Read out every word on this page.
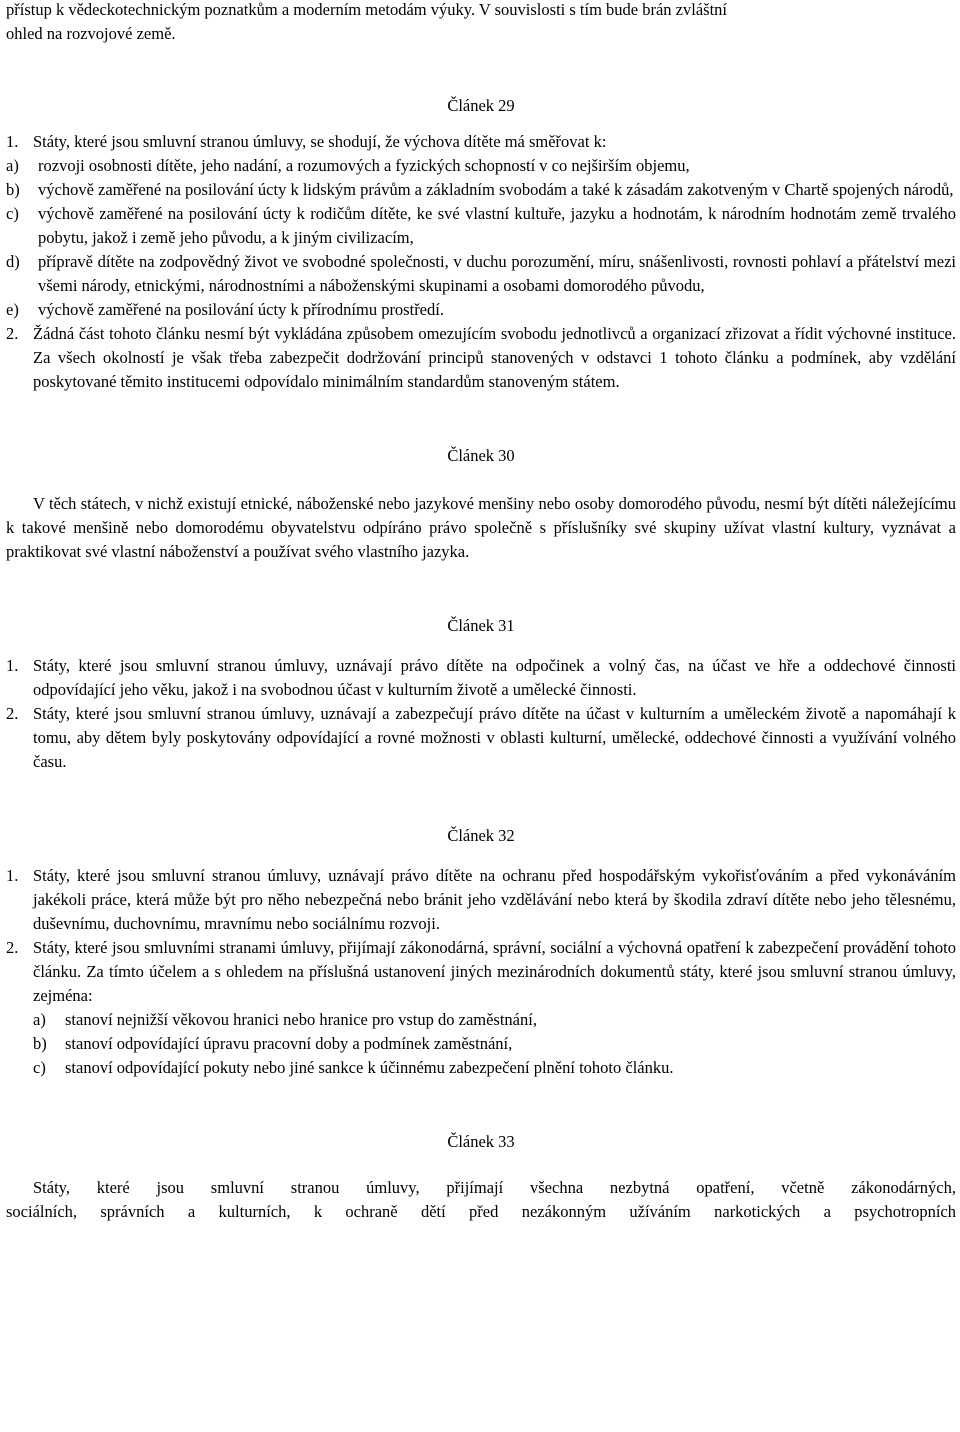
přístup k vědeckotechnickým poznatkům a moderním metodám výuky. V souvislosti s tím bude brán zvláštní

ohled na rozvojové země.

Článek 29
1. Státy, které jsou smluvní stranou úmluvy, se shodují, že výchova dítěte má směřovat k:
a)	rozvoji osobnosti dítěte, jeho nadání, a rozumových a fyzických schopností v co nejširším objemu,
b)	výchově zaměřené na posilování úcty k lidským právům a základním svobodám a také k zásadám zakotveným v Chartě spojených národů,
c)	výchově zaměřené na posilování úcty k rodičům dítěte, ke své vlastní kultuře, jazyku a hodnotám, k národním hodnotám země trvalého pobytu, jakož i země jeho původu, a k jiným civilizacím,
d)	přípravě dítěte na zodpovědný život ve svobodné společnosti, v duchu porozumění, míru, snášenlivosti, rovnosti pohlaví a přátelství mezi všemi národy, etnickými, národnostními a náboženskými skupinami a osobami domorodého původu,
e)	výchově zaměřené na posilování úcty k přírodnímu prostředí.
2. Žádná část tohoto článku nesmí být vykládána způsobem omezujícím svobodu jednotlivců a organizací zřizovat a řídit výchovné instituce. Za všech okolností je však třeba zabezpečit dodržování principů stanovených v odstavci 1 tohoto článku a podmínek, aby vzdělání poskytované těmito institucemi odpovídalo minimálním standardům stanoveným státem.
Článek 30

V těch státech, v nichž existují etnické, náboženské nebo jazykové menšiny nebo osoby domorodého původu, nesmí být dítěti náležejícímu k takové menšině nebo domorodému obyvatelstvu odpíráno právo společně s příslušníky své skupiny užívat vlastní kultury, vyznávat a praktikovat své vlastní náboženství a používat svého vlastního jazyka.

Článek 31
1. Státy, které jsou smluvní stranou úmluvy, uznávají právo dítěte na odpočinek a volný čas, na účast ve hře a oddechové činnosti odpovídající jeho věku, jakož i na svobodnou účast v kulturním životě a umělecké činnosti.
2. Státy, které jsou smluvní stranou úmluvy, uznávají a zabezpečují právo dítěte na účast v kulturním a uměleckém životě a napomáhají k tomu, aby dětem byly poskytovány odpovídající a rovné možnosti v oblasti kulturní, umělecké, oddechové činnosti a využívání volného času.
Článek 32
1. Státy, které jsou smluvní stranou úmluvy, uznávají právo dítěte na ochranu před hospodářským vykořisťováním a před vykonáváním jakékoli práce, která může být pro něho nebezpečná nebo bránit jeho vzdělávání nebo která by škodila zdraví dítěte nebo jeho tělesnému, duševnímu, duchovnímu, mravnímu nebo sociálnímu rozvoji.
2. Státy, které jsou smluvními stranami úmluvy, přijímají zákonodárná, správní, sociální a výchovná opatření k zabezpečení provádění tohoto článku. Za tímto účelem a s ohledem na příslušná ustanovení jiných mezinárodních dokumentů státy, které jsou smluvní stranou úmluvy, zejména:
a)	stanoví nejnižší věkovou hranici nebo hranice pro vstup do zaměstnání,
b)	stanoví odpovídající úpravu pracovní doby a podmínek zaměstnání,
c)	stanoví odpovídající pokuty nebo jiné sankce k účinnému zabezpečení plnění tohoto článku.
Článek 33

Státy, které jsou smluvní stranou úmluvy, přijímají všechna nezbytná opatření, včetně zákonodárných,

sociálních, správních a kulturních, k ochraně dětí před nezákonným užíváním narkotických a psychotropních
